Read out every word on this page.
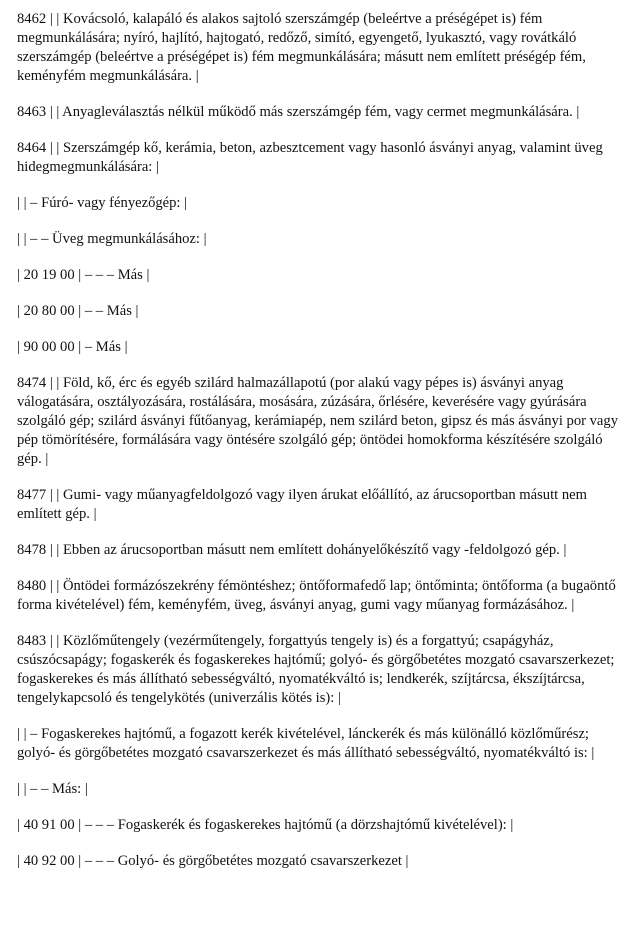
8462 | | Kovácsoló, kalapáló és alakos sajtoló szerszámgép (beleértve a préségépet is) fém megmunkálására; nyíró, hajlító, hajtogató, redőző, simító, egyengető, lyukasztó, vagy rovátkáló szerszámgép (beleértve a préségépet is) fém megmunkálására; másutt nem említett préségép fém, keményfém megmunkálására. |

8463 | | Anyagleválasztás nélkül működő más szerszámgép fém, vagy cermet megmunkálására. |

8464 | | Szerszámgép kő, kerámia, beton, azbesztcement vagy hasonló ásványi anyag, valamint üveg hidegmegmunkálására: |

| | – Fúró- vagy fényezőgép: |

| | – – Üveg megmunkálásához: |

| 20 19 00 | – – – Más |

| 20 80 00 | – – Más |

| 90 00 00 | – Más |

8474 | | Föld, kő, érc és egyéb szilárd halmazállapotú (por alakú vagy pépes is) ásványi anyag válogatására, osztályozására, rostálására, mosására, zúzására, őrlésére, keverésére vagy gyúrására szolgáló gép; szilárd ásványi fűtőanyag, kerámiapép, nem szilárd beton, gipsz és más ásványi por vagy pép tömörítésére, formálására vagy öntésére szolgáló gép; öntödei homokforma készítésére szolgáló gép. |

8477 | | Gumi- vagy műanyagfeldolgozó vagy ilyen árukat előállító, az árucsoportban másutt nem említett gép. |

8478 | | Ebben az árucsoportban másutt nem említett dohányelőkészítő vagy -feldolgozó gép. |

8480 | | Öntödei formázószekrény fémöntéshez; öntőformafedő lap; öntőminta; öntőforma (a bugaöntő forma kivételével) fém, keményfém, üveg, ásványi anyag, gumi vagy műanyag formázásához. |

8483 | | Közlőműtengely (vezérműtengely, forgattyús tengely is) és a forgattyú; csapágyház, csúszócsapágy; fogaskerék és fogaskerekes hajtómű; golyó- és görgőbetétes mozgató csavarszerkezet; fogaskerekes és más állítható sebességváltó, nyomatékváltó is; lendkerék, szíjtárcsa, ékszíjtárcsa, tengelykapcsoló és tengelykötés (univerzális kötés is): |

| | – Fogaskerekes hajtómű, a fogazott kerék kivételével, lánckerék és más különálló közlőműrész; golyó- és görgőbetétes mozgató csavarszerkezet és más állítható sebességváltó, nyomatékváltó is: |

| | – – Más: |

| 40 91 00 | – – – Fogaskerék és fogaskerekes hajtómű (a dörzshajtómű kivételével): |

| 40 92 00 | – – – Golyó- és görgőbetétes mozgató csavarszerkezet |
